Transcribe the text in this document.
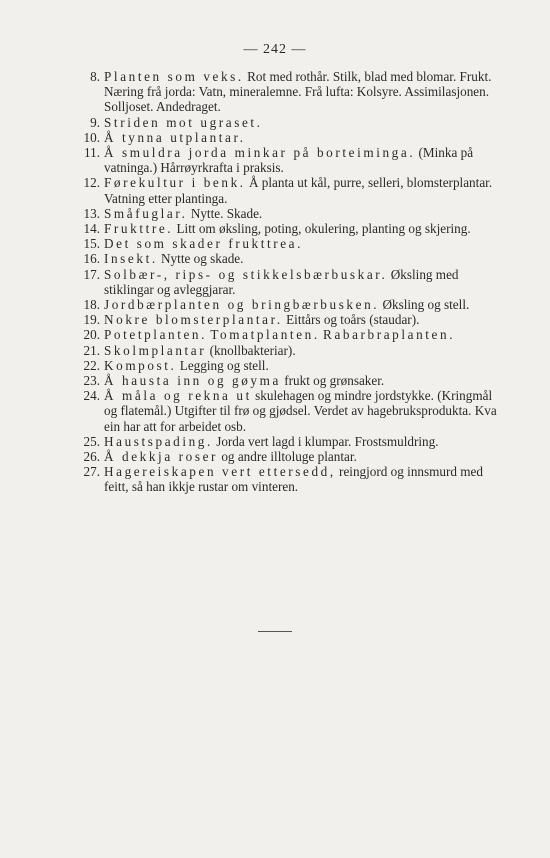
— 242 —
8. Planten som veks. Rot med rothår. Stilk, blad med blomar. Frukt. Næring frå jorda: Vatn, mineralemne. Frå lufta: Kolsyre. Assimilasjonen. Solljoset. Andedraget.
9. Striden mot ugraset.
10. Å tynna utplantar.
11. Å smuldra jorda minkar på borteiminga. (Minka på vatninga.) Hårrøyrkrafta i praksis.
12. Førekultur i benk. Å planta ut kål, purre, selleri, blomsterplantar. Vatning etter plantinga.
13. Småfuglar. Nytte. Skade.
14. Frukttre. Litt om øksling, poting, okulering, planting og skjering.
15. Det som skader frukttrea.
16. Insekt. Nytte og skade.
17. Solbær-, rips- og stikkelsbærbuskar. Øksling med stiklingar og avleggjarar.
18. Jordbærplanten og bringbærbusken. Øksling og stell.
19. Nokre blomsterplantar. Eittårs og toårs (staudar).
20. Potetplanten. Tomatplanten. Rabarbraplanten.
21. Skolmplantar (knollbakteriar).
22. Kompost. Legging og stell.
23. Å hausta inn og gøyma frukt og grønsaker.
24. Å måla og rekna ut skulehagen og mindre jordstykke. (Kringmål og flatemål.) Utgifter til frø og gjødsel. Verdet av hagebruksprodukta. Kva ein har att for arbeidet osb.
25. Haustspading. Jorda vert lagd i klumpar. Frostsmuldring.
26. Å dekkja roser og andre illtoluge plantar.
27. Hagereiskapen vert ettersedd, reingjord og innsmurd med feitt, så han ikkje rustar om vinteren.
